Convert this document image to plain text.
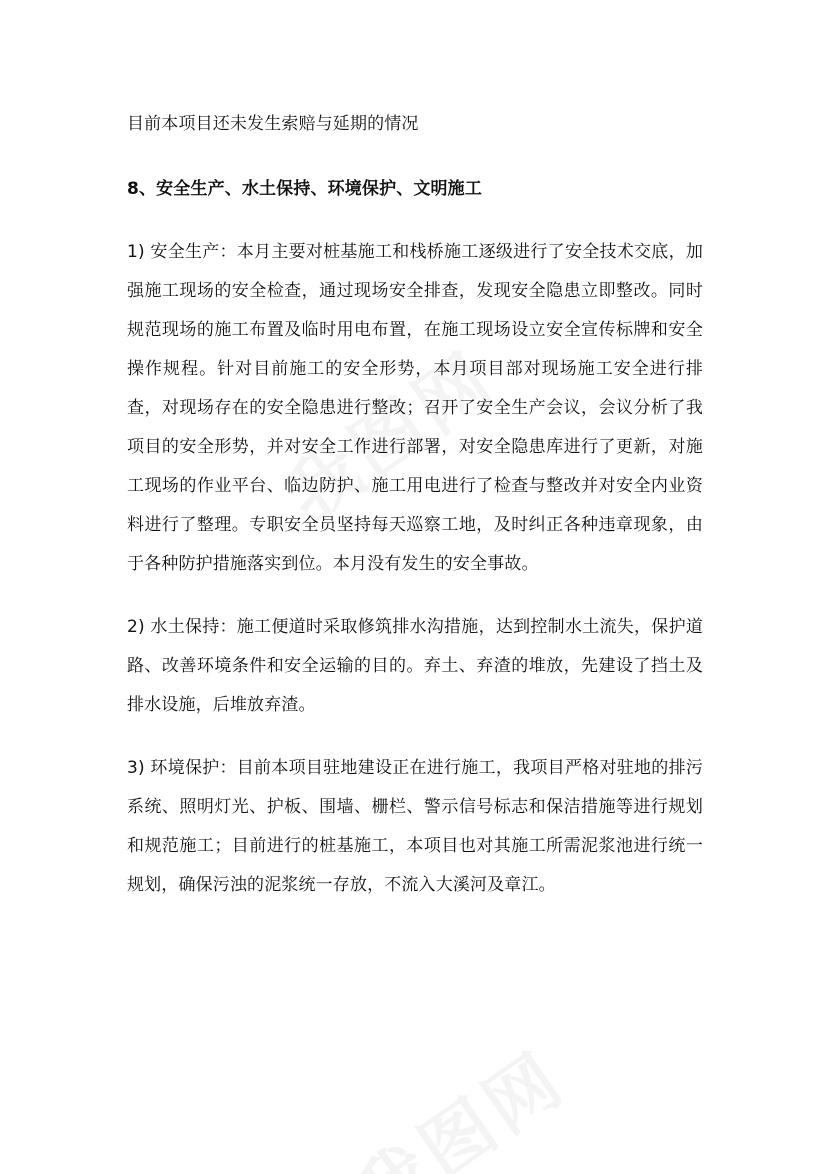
目前本项目还未发生索赔与延期的情况

8、安全生产、水土保持、环境保护、文明施工

1) 安全生产：本月主要对桩基施工和栈桥施工逐级进行了安全技术交底，加强施工现场的安全检查，通过现场安全排查，发现安全隐患立即整改。同时规范现场的施工布置及临时用电布置，在施工现场设立安全宣传标牌和安全操作规程。针对目前施工的安全形势，本月项目部对现场施工安全进行排查，对现场存在的安全隐患进行整改；召开了安全生产会议，会议分析了我项目的安全形势，并对安全工作进行部署，对安全隐患库进行了更新，对施工现场的作业平台、临边防护、施工用电进行了检查与整改并对安全内业资料进行了整理。专职安全员坚持每天巡察工地，及时纠正各种违章现象，由于各种防护措施落实到位。本月没有发生的安全事故。

2) 水土保持：施工便道时采取修筑排水沟措施，达到控制水土流失，保护道路、改善环境条件和安全运输的目的。弃土、弃渣的堆放，先建设了挡土及排水设施，后堆放弃渣。

3) 环境保护：目前本项目驻地建设正在进行施工，我项目严格对驻地的排污系统、照明灯光、护板、围墙、栅栏、警示信号标志和保洁措施等进行规划和规范施工；目前进行的桩基施工，本项目也对其施工所需泥浆池进行统一规划，确保污浊的泥浆统一存放，不流入大溪河及章江。
